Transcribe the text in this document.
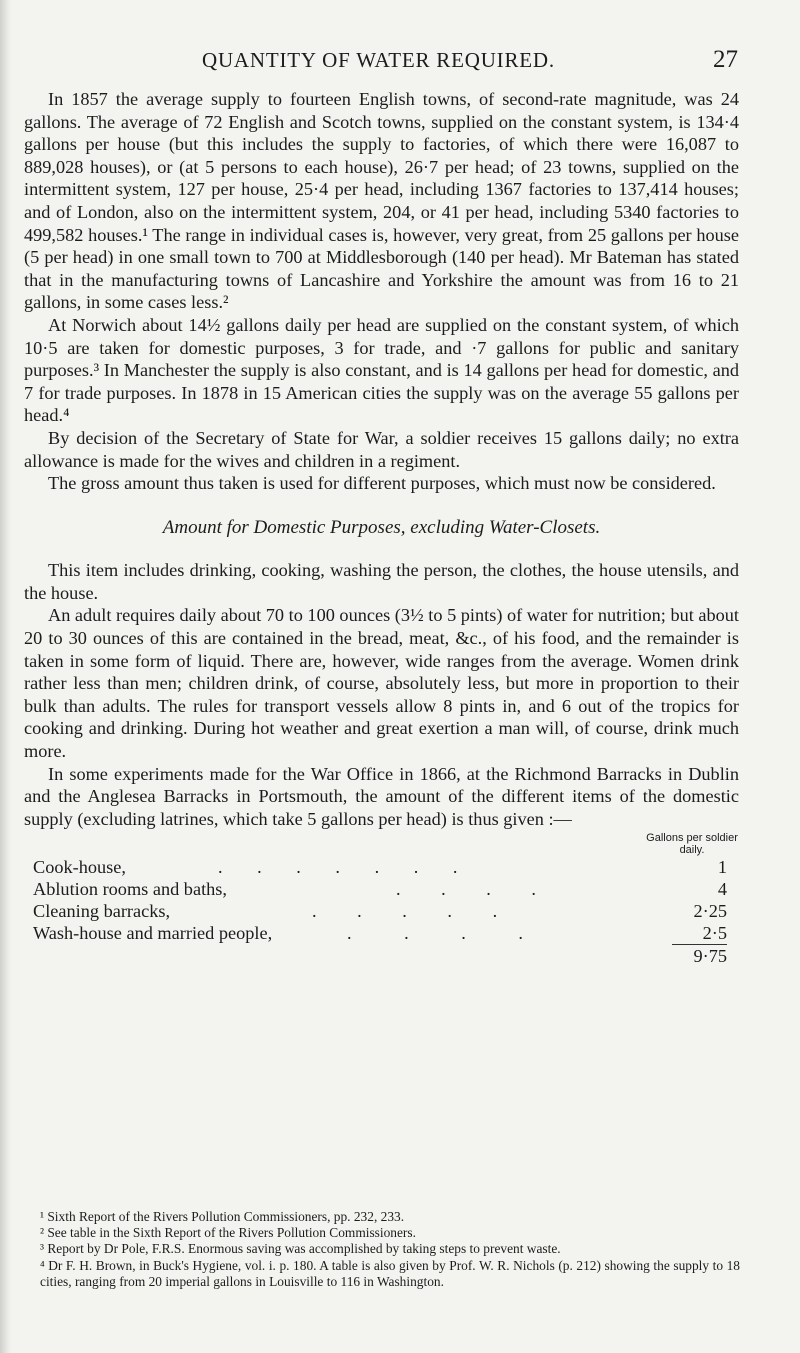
QUANTITY OF WATER REQUIRED.	27

In 1857 the average supply to fourteen English towns, of second-rate magnitude, was 24 gallons. The average of 72 English and Scotch towns, supplied on the constant system, is 134·4 gallons per house (but this includes the supply to factories, of which there were 16,087 to 889,028 houses), or (at 5 persons to each house), 26·7 per head; of 23 towns, supplied on the intermittent system, 127 per house, 25·4 per head, including 1367 factories to 137,414 houses; and of London, also on the intermittent system, 204, or 41 per head, including 5340 factories to 499,582 houses.¹ The range in individual cases is, however, very great, from 25 gallons per house (5 per head) in one small town to 700 at Middlesborough (140 per head). Mr Bateman has stated that in the manufacturing towns of Lancashire and Yorkshire the amount was from 16 to 21 gallons, in some cases less.²

At Norwich about 14½ gallons daily per head are supplied on the constant system, of which 10·5 are taken for domestic purposes, 3 for trade, and ·7 gallons for public and sanitary purposes.³ In Manchester the supply is also constant, and is 14 gallons per head for domestic, and 7 for trade purposes. In 1878 in 15 American cities the supply was on the average 55 gallons per head.⁴

By decision of the Secretary of State for War, a soldier receives 15 gallons daily; no extra allowance is made for the wives and children in a regiment.

The gross amount thus taken is used for different purposes, which must now be considered.

Amount for Domestic Purposes, excluding Water-Closets.

This item includes drinking, cooking, washing the person, the clothes, the house utensils, and the house.

An adult requires daily about 70 to 100 ounces (3½ to 5 pints) of water for nutrition; but about 20 to 30 ounces of this are contained in the bread, meat, &c., of his food, and the remainder is taken in some form of liquid. There are, however, wide ranges from the average. Women drink rather less than men; children drink, of course, absolutely less, but more in proportion to their bulk than adults. The rules for transport vessels allow 8 pints in, and 6 out of the tropics for cooking and drinking. During hot weather and great exertion a man will, of course, drink much more.

In some experiments made for the War Office in 1866, at the Richmond Barracks in Dublin and the Anglesea Barracks in Portsmouth, the amount of the different items of the domestic supply (excluding latrines, which take 5 gallons per head) is thus given :—

Gallons per soldier daily.
Cook-house,	. . . . . . .	1
Ablution rooms and baths,	. . . .	4
Cleaning barracks,	. . . . .	2·25
Wash-house and married people,	. . . .	2·5
9·75
¹ Sixth Report of the Rivers Pollution Commissioners, pp. 232, 233.
² See table in the Sixth Report of the Rivers Pollution Commissioners.
³ Report by Dr Pole, F.R.S. Enormous saving was accomplished by taking steps to prevent waste.
⁴ Dr F. H. Brown, in Buck's Hygiene, vol. i. p. 180. A table is also given by Prof. W. R. Nichols (p. 212) showing the supply to 18 cities, ranging from 20 imperial gallons in Louisville to 116 in Washington.
